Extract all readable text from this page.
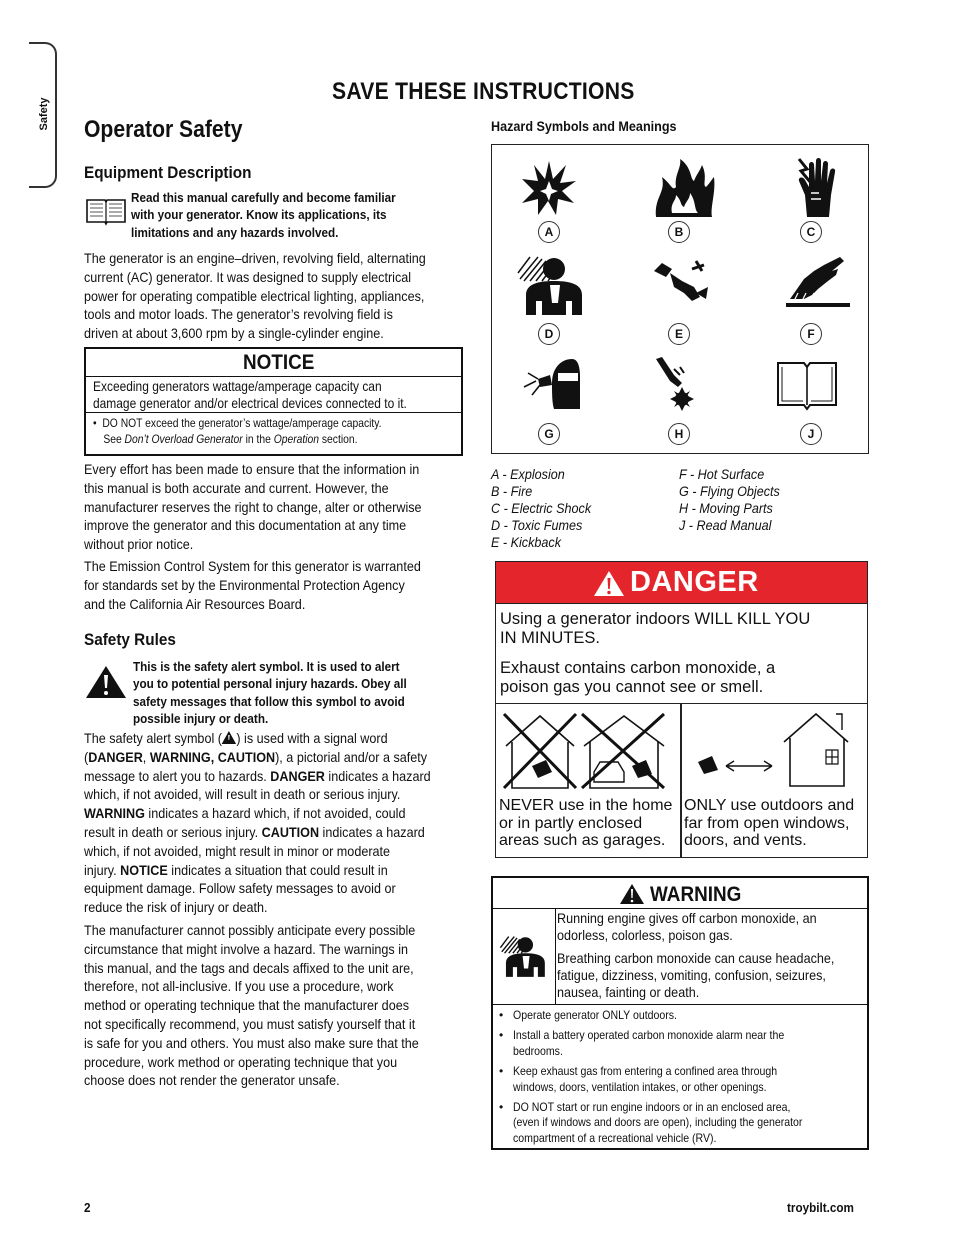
Safety
SAVE THESE INSTRUCTIONS
Operator Safety
Equipment Description
Read this manual carefully and become familiar
with your generator. Know its applications, its
limitations and any hazards involved.
The generator is an engine–driven, revolving field, alternating
current (AC) generator. It was designed to supply electrical
power for operating compatible electrical lighting, appliances,
tools and motor loads. The generator’s revolving field is
driven at about 3,600 rpm by a single-cylinder engine.
NOTICE
Exceeding generators wattage/amperage capacity can
damage generator and/or electrical devices connected to it.
•  DO NOT exceed the generator’s wattage/amperage capacity.
See Don’t Overload Generator in the Operation section.
Every effort has been made to ensure that the information in
this manual is both accurate and current. However, the
manufacturer reserves the right to change, alter or otherwise
improve the generator and this documentation at any time
without prior notice.
The Emission Control System for this generator is warranted
for standards set by the Environmental Protection Agency
and the California Air Resources Board.
Safety Rules
This is the safety alert symbol. It is used to alert
you to potential personal injury hazards. Obey all
safety messages that follow this symbol to avoid
possible injury or death.
The safety alert symbol ( ) is used with a signal word
(DANGER, WARNING, CAUTION), a pictorial and/or a safety
message to alert you to hazards. DANGER indicates a hazard
which, if not avoided, will result in death or serious injury.
WARNING indicates a hazard which, if not avoided, could
result in death or serious injury. CAUTION indicates a hazard
which, if not avoided, might result in minor or moderate
injury. NOTICE indicates a situation that could result in
equipment damage. Follow safety messages to avoid or
reduce the risk of injury or death.
The manufacturer cannot possibly anticipate every possible
circumstance that might involve a hazard. The warnings in
this manual, and the tags and decals affixed to the unit are,
therefore, not all-inclusive. If you use a procedure, work
method or operating technique that the manufacturer does
not specifically recommend, you must satisfy yourself that it
is safe for you and others. You must also make sure that the
procedure, work method or operating technique that you
choose does not render the generator unsafe.
Hazard Symbols and Meanings
A	B	C
D	E	F
G	H	J
A - Explosion
B - Fire
C - Electric Shock
D - Toxic Fumes
E - Kickback
F - Hot Surface
G - Flying Objects
H - Moving Parts
J - Read Manual
DANGER
Using a generator indoors WILL KILL YOU
IN MINUTES.
Exhaust contains carbon monoxide, a
poison gas you cannot see or smell.
NEVER use in the home
or in partly enclosed
areas such as garages.
ONLY use outdoors and
far from open windows,
doors, and vents.
WARNING
Running engine gives off carbon monoxide, an
odorless, colorless, poison gas.
Breathing carbon monoxide can cause headache,
fatigue, dizziness, vomiting, confusion, seizures,
nausea, fainting or death.
• Operate generator ONLY outdoors.
• Install a battery operated carbon monoxide alarm near the
bedrooms.
• Keep exhaust gas from entering a confined area through
windows, doors, ventilation intakes, or other openings.
• DO NOT start or run engine indoors or in an enclosed area,
(even if windows and doors are open), including the generator
compartment of a recreational vehicle (RV).
2	troybilt.com
